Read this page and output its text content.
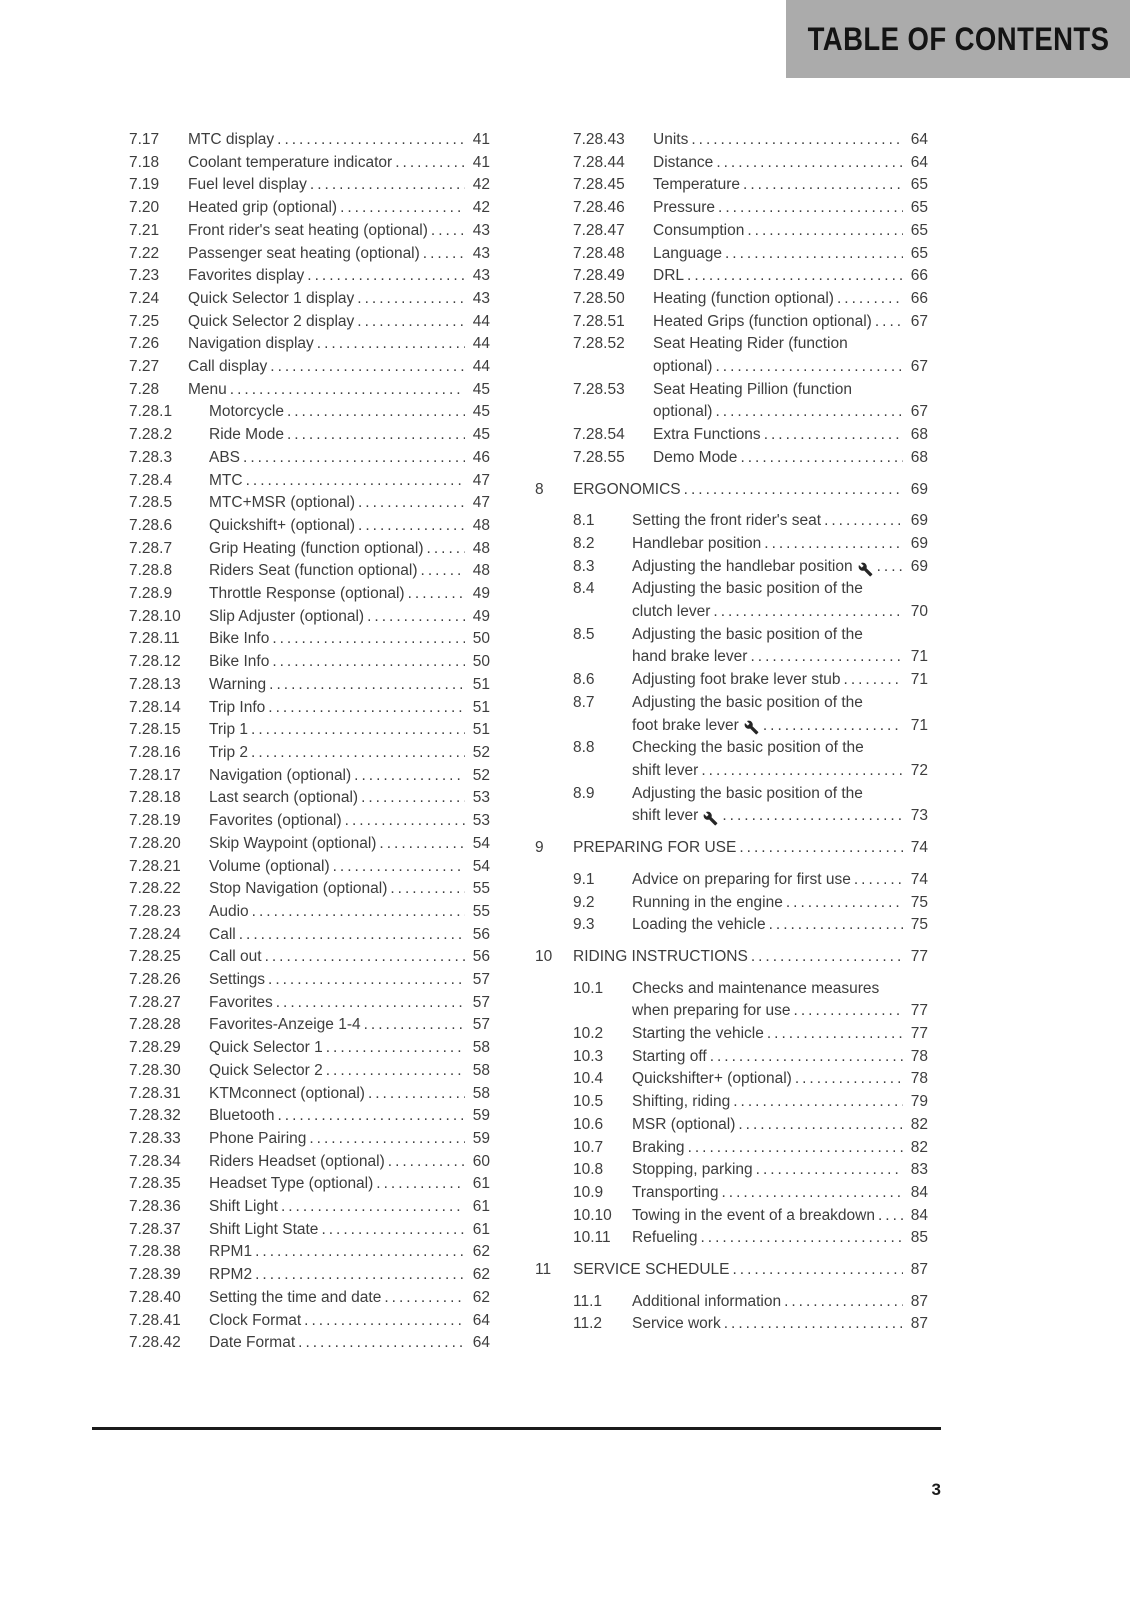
TABLE OF CONTENTS
7.17	MTC display .....	41
7.18	Coolant temperature indicator .....	41
7.19	Fuel level display .....	42
7.20	Heated grip (optional) .....	42
7.21	Front rider's seat heating (optional) .....	43
7.22	Passenger seat heating (optional) .....	43
7.23	Favorites display .....	43
7.24	Quick Selector 1 display .....	43
7.25	Quick Selector 2 display .....	44
7.26	Navigation display .....	44
7.27	Call display .....	44
7.28	Menu .....	45
7.28.1	Motorcycle .....	45
7.28.2	Ride Mode .....	45
7.28.3	ABS .....	46
7.28.4	MTC .....	47
7.28.5	MTC+MSR (optional) .....	47
7.28.6	Quickshift+ (optional) .....	48
7.28.7	Grip Heating (function optional) .....	48
7.28.8	Riders Seat (function optional) .....	48
7.28.9	Throttle Response (optional) .....	49
7.28.10	Slip Adjuster (optional) .....	49
7.28.11	Bike Info .....	50
7.28.12	Bike Info .....	50
7.28.13	Warning .....	51
7.28.14	Trip Info .....	51
7.28.15	Trip 1 .....	51
7.28.16	Trip 2 .....	52
7.28.17	Navigation (optional) .....	52
7.28.18	Last search (optional) .....	53
7.28.19	Favorites (optional) .....	53
7.28.20	Skip Waypoint (optional) .....	54
7.28.21	Volume (optional) .....	54
7.28.22	Stop Navigation (optional) .....	55
7.28.23	Audio .....	55
7.28.24	Call .....	56
7.28.25	Call out .....	56
7.28.26	Settings .....	57
7.28.27	Favorites .....	57
7.28.28	Favorites-Anzeige 1-4 .....	57
7.28.29	Quick Selector 1 .....	58
7.28.30	Quick Selector 2 .....	58
7.28.31	KTMconnect (optional) .....	58
7.28.32	Bluetooth .....	59
7.28.33	Phone Pairing .....	59
7.28.34	Riders Headset (optional) .....	60
7.28.35	Headset Type (optional) .....	61
7.28.36	Shift Light .....	61
7.28.37	Shift Light State .....	61
7.28.38	RPM1 .....	62
7.28.39	RPM2 .....	62
7.28.40	Setting the time and date .....	62
7.28.41	Clock Format .....	64
7.28.42	Date Format .....	64
7.28.43	Units .....	64
7.28.44	Distance .....	64
7.28.45	Temperature .....	65
7.28.46	Pressure .....	65
7.28.47	Consumption .....	65
7.28.48	Language .....	65
7.28.49	DRL .....	66
7.28.50	Heating (function optional) .....	66
7.28.51	Heated Grips (function optional) .....	67
7.28.52	Seat Heating Rider (function
optional) .....	67
7.28.53	Seat Heating Pillion (function
optional) .....	67
7.28.54	Extra Functions .....	68
7.28.55	Demo Mode .....	68
8	ERGONOMICS .....	69
8.1	Setting the front rider's seat .....	69
8.2	Handlebar position .....	69
8.3	Adjusting the handlebar position .....	69
8.4	Adjusting the basic position of the
clutch lever .....	70
8.5	Adjusting the basic position of the
hand brake lever .....	71
8.6	Adjusting foot brake lever stub .....	71
8.7	Adjusting the basic position of the
foot brake lever .....	71
8.8	Checking the basic position of the
shift lever .....	72
8.9	Adjusting the basic position of the
shift lever .....	73
9	PREPARING FOR USE .....	74
9.1	Advice on preparing for first use .....	74
9.2	Running in the engine .....	75
9.3	Loading the vehicle .....	75
10	RIDING INSTRUCTIONS .....	77
10.1	Checks and maintenance measures
when preparing for use .....	77
10.2	Starting the vehicle .....	77
10.3	Starting off .....	78
10.4	Quickshifter+ (optional) .....	78
10.5	Shifting, riding .....	79
10.6	MSR (optional) .....	82
10.7	Braking .....	82
10.8	Stopping, parking .....	83
10.9	Transporting .....	84
10.10	Towing in the event of a breakdown ..... 84
10.11	Refueling .....	85
11	SERVICE SCHEDULE .....	87
11.1	Additional information .....	87
11.2	Service work .....	87
3
